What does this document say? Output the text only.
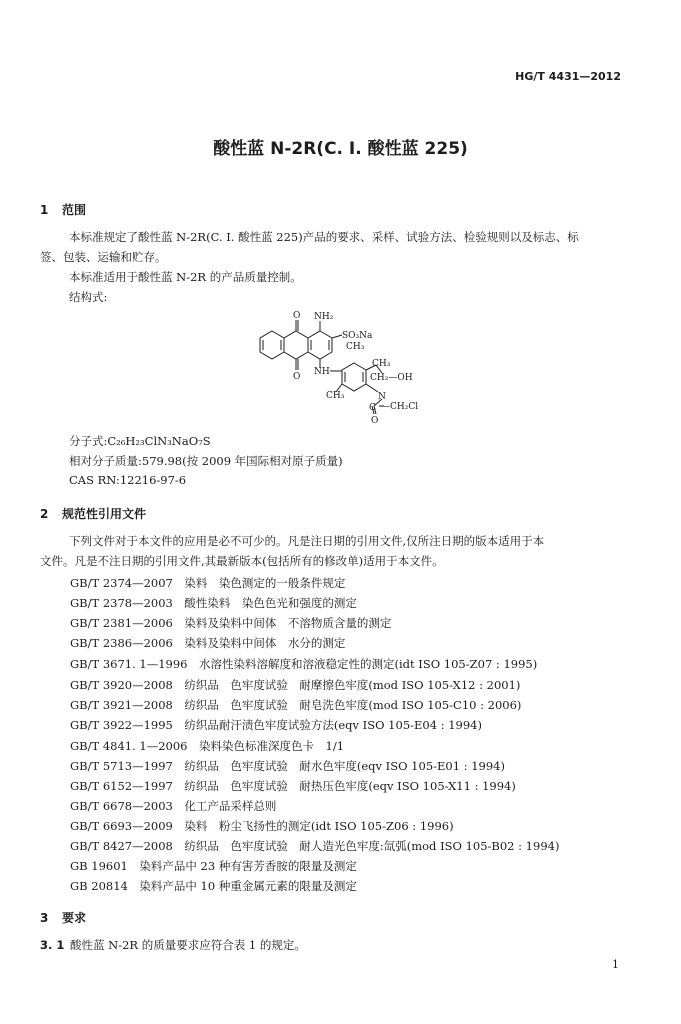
HG/T 4431—2012
酸性蓝 N-2R(C. I. 酸性蓝 225)
1 范围
本标准规定了酸性蓝 N-2R(C. I. 酸性蓝 225)产品的要求、采样、试验方法、检验规则以及标志、标
签、包装、运输和贮存。
本标准适用于酸性蓝 N-2R 的产品质量控制。
结构式:
O
O
NH₂
SO₃Na
CH₃
NH
CH₃
CH₂—OH
CH₃	N
C —CH₂Cl
O
分子式:C₂₆H₂₃ClN₃NaO₇S
相对分子质量:579.98(按 2009 年国际相对原子质量)
CAS RN:12216-97-6
2 规范性引用文件
下列文件对于本文件的应用是必不可少的。凡是注日期的引用文件,仅所注日期的版本适用于本
文件。凡是不注日期的引用文件,其最新版本(包括所有的修改单)适用于本文件。
GB/T 2374—2007　染料　染色测定的一般条件规定
GB/T 2378—2003　酸性染料　染色色光和强度的测定
GB/T 2381—2006　染料及染料中间体　不溶物质含量的测定
GB/T 2386—2006　染料及染料中间体　水分的测定
GB/T 3671. 1—1996　水溶性染料溶解度和溶液稳定性的测定(idt ISO 105-Z07 : 1995)
GB/T 3920—2008　纺织品　色牢度试验　耐摩擦色牢度(mod ISO 105-X12 : 2001)
GB/T 3921—2008　纺织品　色牢度试验　耐皂洗色牢度(mod ISO 105-C10 : 2006)
GB/T 3922—1995　纺织品耐汗渍色牢度试验方法(eqv ISO 105-E04 : 1994)
GB/T 4841. 1—2006　染料染色标准深度色卡　1/1
GB/T 5713—1997　纺织品　色牢度试验　耐水色牢度(eqv ISO 105-E01 : 1994)
GB/T 6152—1997　纺织品　色牢度试验　耐热压色牢度(eqv ISO 105-X11 : 1994)
GB/T 6678—2003　化工产品采样总则
GB/T 6693—2009　染料　粉尘飞扬性的测定(idt ISO 105-Z06 : 1996)
GB/T 8427—2008　纺织品　色牢度试验　耐人造光色牢度:氙弧(mod ISO 105-B02 : 1994)
GB 19601　染料产品中 23 种有害芳香胺的限量及测定
GB 20814　染料产品中 10 种重金属元素的限量及测定
3 要求
3. 1 酸性蓝 N-2R 的质量要求应符合表 1 的规定。
1
